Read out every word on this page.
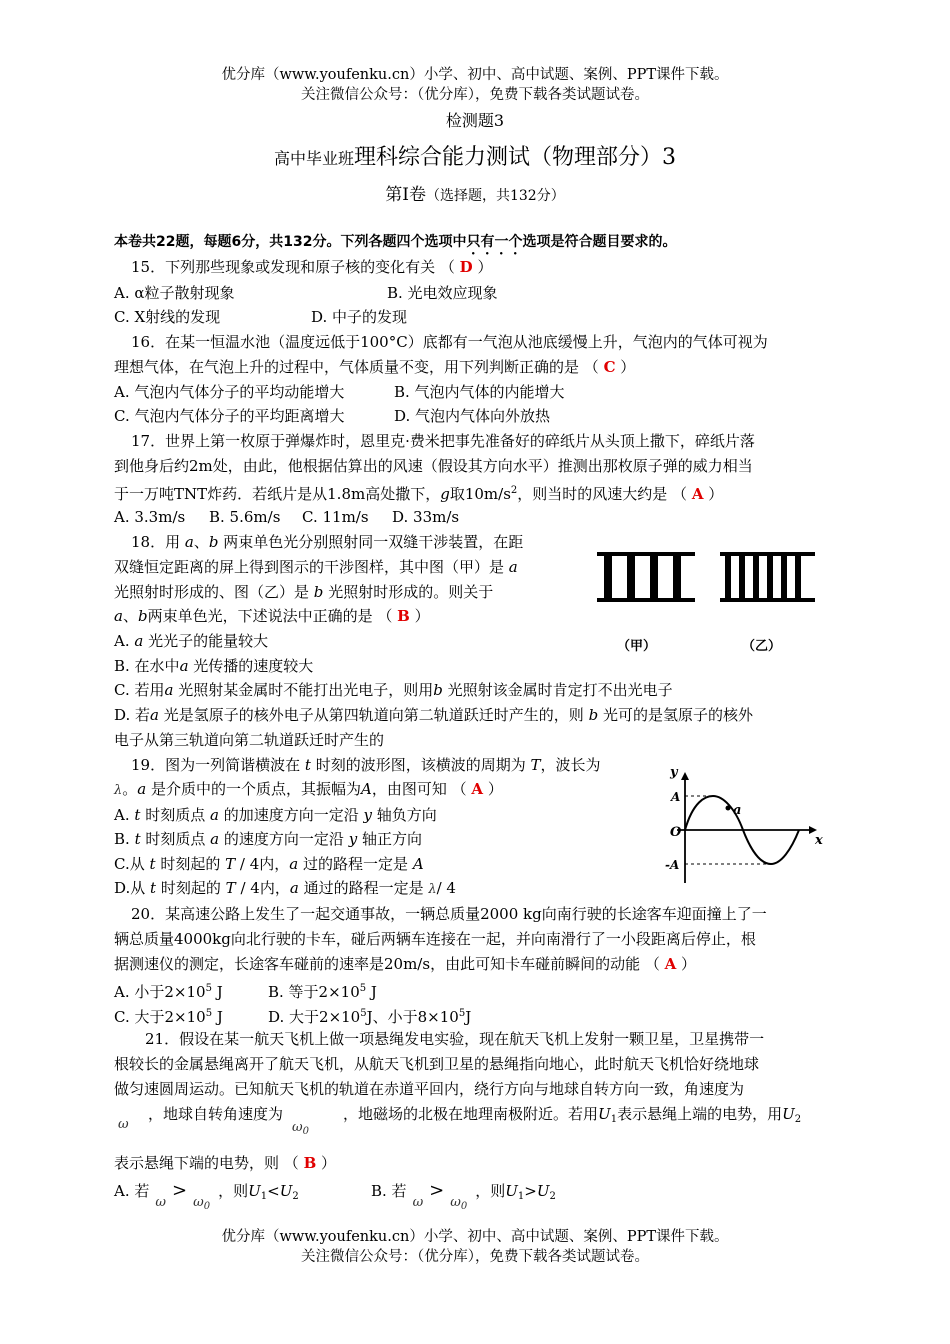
优分库（www.youfenku.cn）小学、初中、高中试题、案例、PPT课件下载。
关注微信公众号：（优分库），免费下载各类试题试卷。
检测题3
高中毕业班理科综合能力测试（物理部分）3
第Ⅰ卷（选择题，共132分）
本卷共22题，每题6分，共132分。下列各题四个选项中只有一个选项是符合题目要求的。
15．下列那些现象或发现和原子核的变化有关 （ D ）
A. α粒子散射现象	B. 光电效应现象
C. X射线的发现	D. 中子的发现
16．在某一恒温水池（温度远低于100°C）底都有一气泡从池底缓慢上升，气泡内的气体可视为
理想气体，在气泡上升的过程中，气体质量不变，用下列判断正确的是 （ C ）
A. 气泡内气体分子的平均动能增大	B. 气泡内气体的内能增大
C. 气泡内气体分子的平均距离增大	D. 气泡内气体向外放热
17．世界上第一枚原于弹爆炸时，恩里克·费米把事先准备好的碎纸片从头顶上撒下，碎纸片落
到他身后约2m处，由此，他根据估算出的风速（假设其方向水平）推测出那枚原子弹的威力相当
于一万吨TNT炸药．若纸片是从1.8m高处撒下，g取$10m/s^2$，则当时的风速大约是 （ A ）
A. 3.3m/s	B. 5.6m/s	C. 11m/s	D. 33m/s
18．用 a、b 两束单色光分别照射同一双缝干涉装置，在距
双缝恒定距离的屏上得到图示的干涉图样，其中图（甲）是 a
光照射时形成的、图（乙）是 b 光照射时形成的。则关于
a、b两束单色光，下述说法中正确的是 （ B ）
A. a 光光子的能量较大
B. 在水中a 光传播的速度较大
C. 若用a 光照射某金属时不能打出光电子，则用b 光照射该金属时肯定打不出光电子
D. 若a 光是氢原子的核外电子从第四轨道向第二轨道跃迁时产生的，则 b 光可的是氢原子的核外
电子从第三轨道向第二轨道跃迁时产生的
（甲）	（乙）
19．图为一列简谐横波在 t 时刻的波形图，该横波的周期为 T，波长为
λ。a 是介质中的一个质点，其振幅为A，由图可知 （ A ）
A. t 时刻质点 a 的加速度方向一定沿 y 轴负方向
B. t 时刻质点 a 的速度方向一定沿 y 轴正方向
C.从 t 时刻起的 T / 4内，a 过的路程一定是 A
D.从 t 时刻起的 T / 4内，a 通过的路程一定是 λ/ 4
y
x
A
-A
O
a
20．某高速公路上发生了一起交通事故，一辆总质量2000 kg向南行驶的长途客车迎面撞上了一
辆总质量4000kg向北行驶的卡车，碰后两辆车连接在一起，并向南滑行了一小段距离后停止，根
据测速仪的测定，长途客车碰前的速率是20m/s，由此可知卡车碰前瞬间的动能 （ A ）
A. 小于$2\times 10^5$ J	B. 等于$2\times 10^5$ J
C. 大于$2\times 10^5$ J	D. 大于$2\times 10^5J$、小于$8\times 10^5J$
21．假设在某一航天飞机上做一项悬绳发电实验，现在航天飞机上发射一颗卫星，卫星携带一
根较长的金属悬绳离开了航天飞机，从航天飞机到卫星的悬绳指向地心，此时航天飞机恰好绕地球
做匀速圆周运动。已知航天飞机的轨道在赤道平回内，绕行方向与地球自转方向一致，角速度为
，地球自转角速度为	，地磁场的北极在地理南极附近。若用$U_1$表示悬绳上端的电势，用$U_2$
ω	$\omega_0$
表示悬绳下端的电势，则 （ B ）
A. 若$\omega>\omega_0$，则$U_1<U_2$	B. 若$\omega>\omega_0$，则$U_1>U_2$
优分库（www.youfenku.cn）小学、初中、高中试题、案例、PPT课件下载。
关注微信公众号：（优分库），免费下载各类试题试卷。
